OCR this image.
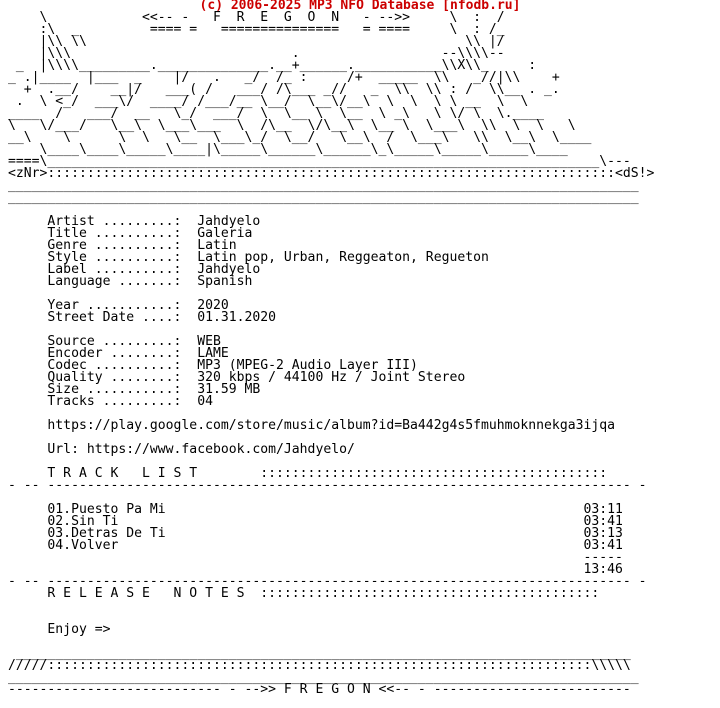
(c) 2006-2025 MP3 NFO Database [nfodb.ru]
\            <<-- -   F  R  E  G  O  N   - -->>     \  :  /
:\  _         ==== =   ===============   = ====     \  : /_
|\\ \\                                                \\ |/
|\\\                            .                  --\\\\--
_  |\\\\_________.______________.__+______.___________\\X\\_     :
_ .|____  |___  _    |/   .   _/  /_ :     /+  _____  \\   _//|\\    +
+  .__/    __|/   ___( /   ___/ /\___ _//   _  \\  \\ : /  \\__ . _.
.  \ <_/  ___\/  ____/ /___/__ \__/  \__\/__\  \  \  \ \ __  \  \
____  /   ___/  __   \_/  ___/  \  \__ \  \__  \ _\   \ \/ \  \.____
\   \/___/   \__\  \___\___  \  /\__  \/\__\  \__ \  \___\  \\  \  \   \
__\    \      \  \   \__  \___\_/  \__/   \__\  /  \___\   \\  \__\  \____
\____\____\_____\____|\_____\______\______\_\_____\_____\_____\____
====\______________________________________________________________________\---
<zNr>::::::::::::::::::::::::::::::::::::::::::::::::::::::::::::::::::::::::<dS!>
________________________________________________________________________________
________________________________________________________________________________

Artist .........:  Jahdyelo
Title ..........:  Galeria
Genre ..........:  Latin
Style ..........:  Latin pop, Urban, Reggeaton, Regueton
Label ..........:  Jahdyelo
Language .......:  Spanish

Year ...........:  2020
Street Date ....:  01.31.2020

Source .........:  WEB
Encoder ........:  LAME
Codec ..........:  MP3 (MPEG-2 Audio Layer III)
Quality ........:  320 kbps / 44100 Hz / Joint Stereo
Size ...........:  31.59 MB
Tracks .........:  04

https://play.google.com/store/music/album?id=Ba442g4s5fmuhmoknnekga3ijqa

Url: https://www.facebook.com/Jahdyelo/

T R A C K   L I S T        ::::::::::::::::::::::::::::::::::::::::::::
- -- -------------------------------------------------------------------------- -

01.Puesto Pa Mi                                                     03:11
02.Sin Ti                                                           03:41
03.Detras De Ti                                                     03:13
04.Volver                                                           03:41
-----
13:46
- -- -------------------------------------------------------------------------- -
R E L E A S E   N O T E S  :::::::::::::::::::::::::::::::::::::::::::

Enjoy =>

______________________________________________________________________________
/////:::::::::::::::::::::::::::::::::::::::::::::::::::::::::::::::::::::\\\\\
________________________________________________________________________________
--------------------------- - -->> F R E G O N <<-- - -------------------------
